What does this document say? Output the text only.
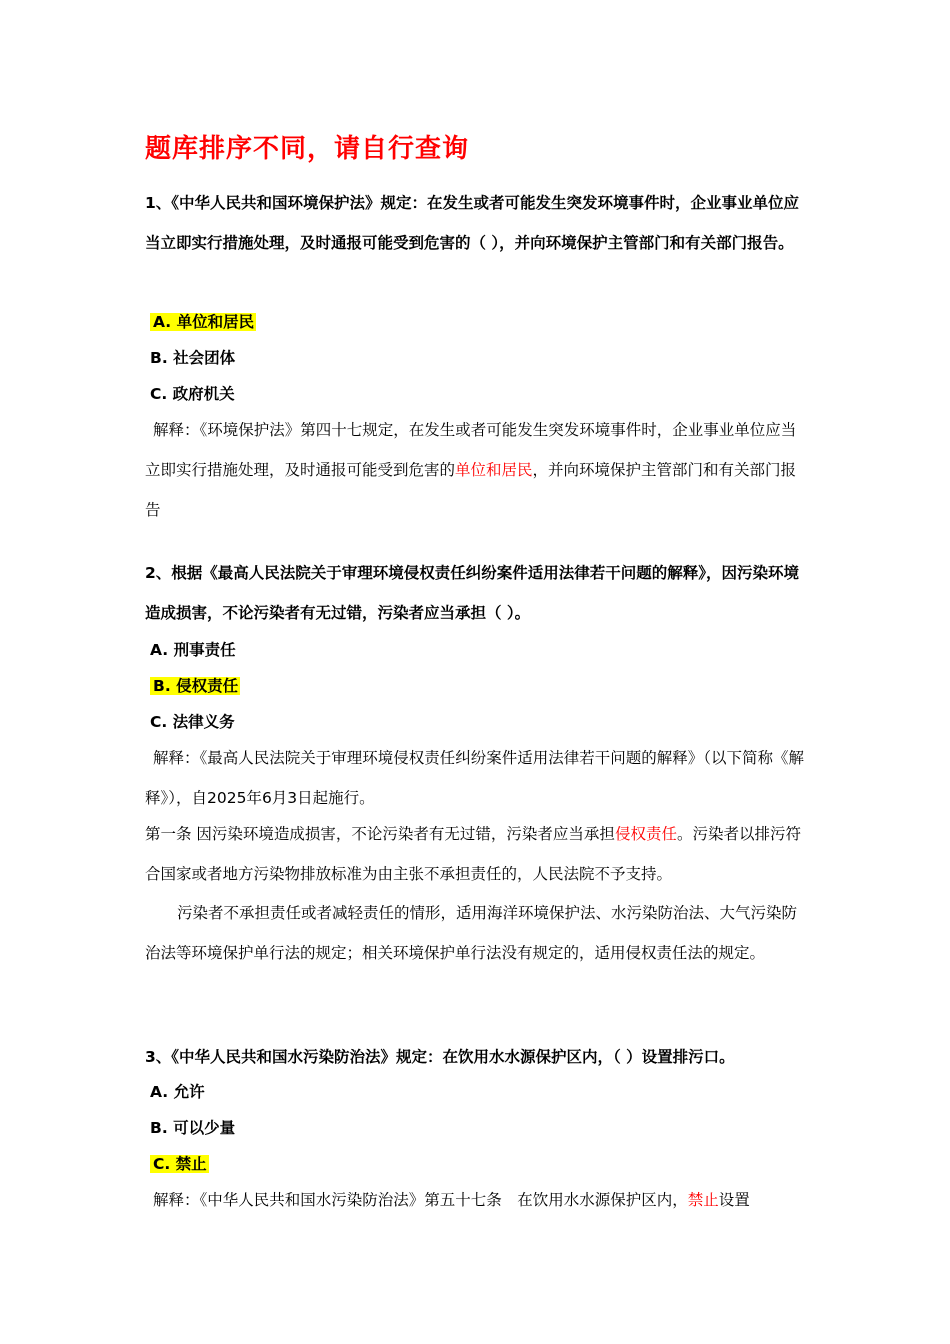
题库排序不同，请自行查询
1、《中华人民共和国环境保护法》规定：在发生或者可能发生突发环境事件时，企业事业单位应当立即实行措施处理，及时通报可能受到危害的（ ），并向环境保护主管部门和有关部门报告。
A. 单位和居民
B. 社会团体
C. 政府机关
解释：《环境保护法》第四十七规定，在发生或者可能发生突发环境事件时，企业事业单位应当立即实行措施处理，及时通报可能受到危害的单位和居民，并向环境保护主管部门和有关部门报告
2、根据《最高人民法院关于审理环境侵权责任纠纷案件适用法律若干问题的解释》，因污染环境造成损害，不论污染者有无过错，污染者应当承担（ ）。
A. 刑事责任
B. 侵权责任
C. 法律义务
解释：《最高人民法院关于审理环境侵权责任纠纷案件适用法律若干问题的解释》（以下简称《解释》），自2025年6月3日起施行。
第一条 因污染环境造成损害，不论污染者有无过错，污染者应当承担侵权责任。污染者以排污符合国家或者地方污染物排放标准为由主张不承担责任的，人民法院不予支持。
污染者不承担责任或者减轻责任的情形，适用海洋环境保护法、水污染防治法、大气污染防治法等环境保护单行法的规定；相关环境保护单行法没有规定的，适用侵权责任法的规定。
3、《中华人民共和国水污染防治法》规定：在饮用水水源保护区内，（ ）设置排污口。
A. 允许
B. 可以少量
C. 禁止
解释：《中华人民共和国水污染防治法》第五十七条　在饮用水水源保护区内，禁止设置
